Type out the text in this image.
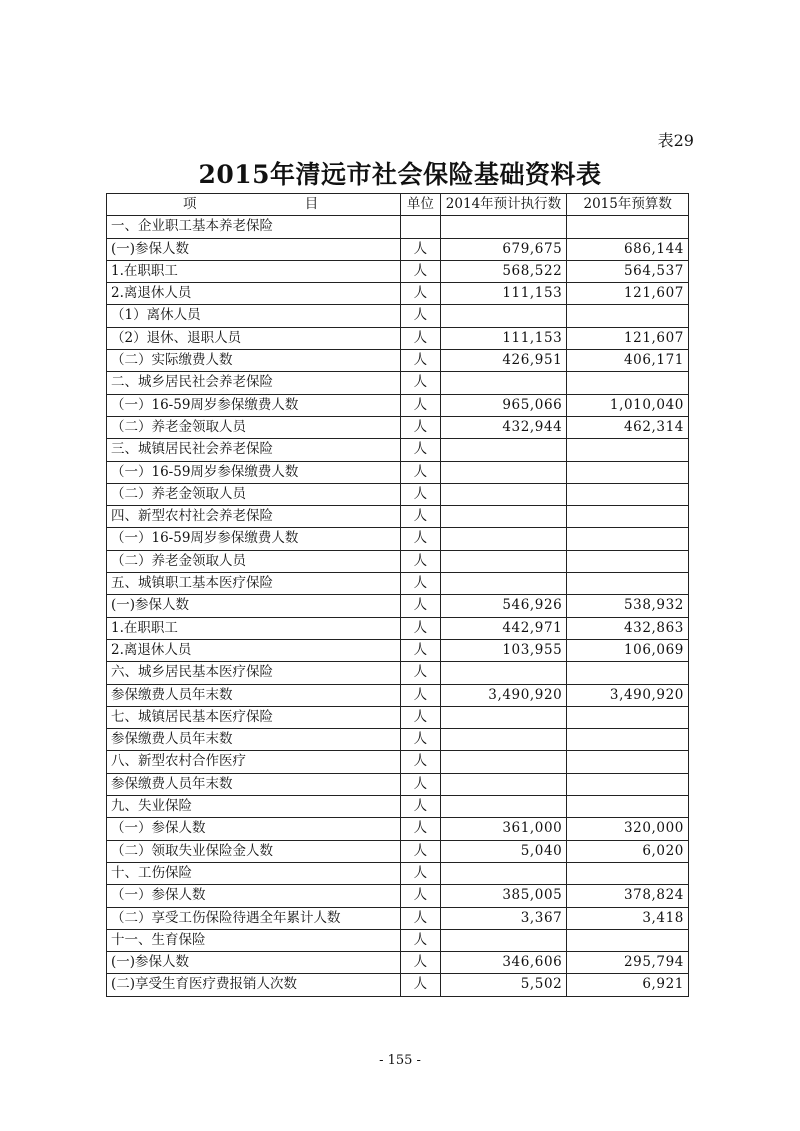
表29
2015年清远市社会保险基础资料表
项 目	单位	2014年预计执行数	2015年预算数
一、企业职工基本养老保险			
(一)参保人数	人	679,675	686,144
1.在职职工	人	568,522	564,537
2.离退休人员	人	111,153	121,607
（1）离休人员	人		
（2）退休、退职人员	人	111,153	121,607
（二）实际缴费人数	人	426,951	406,171
二、城乡居民社会养老保险	人		
（一）16-59周岁参保缴费人数	人	965,066	1,010,040
（二）养老金领取人员	人	432,944	462,314
三、城镇居民社会养老保险	人		
（一）16-59周岁参保缴费人数	人		
（二）养老金领取人员	人		
四、新型农村社会养老保险	人		
（一）16-59周岁参保缴费人数	人		
（二）养老金领取人员	人		
五、城镇职工基本医疗保险	人		
(一)参保人数	人	546,926	538,932
1.在职职工	人	442,971	432,863
2.离退休人员	人	103,955	106,069
六、城乡居民基本医疗保险	人		
参保缴费人员年末数	人	3,490,920	3,490,920
七、城镇居民基本医疗保险	人		
参保缴费人员年末数	人		
八、新型农村合作医疗	人		
参保缴费人员年末数	人		
九、失业保险	人		
（一）参保人数	人	361,000	320,000
（二）领取失业保险金人数	人	5,040	6,020
十、工伤保险	人		
（一）参保人数	人	385,005	378,824
（二）享受工伤保险待遇全年累计人数	人	3,367	3,418
十一、生育保险	人		
(一)参保人数	人	346,606	295,794
(二)享受生育医疗费报销人次数	人	5,502	6,921
- 155 -
